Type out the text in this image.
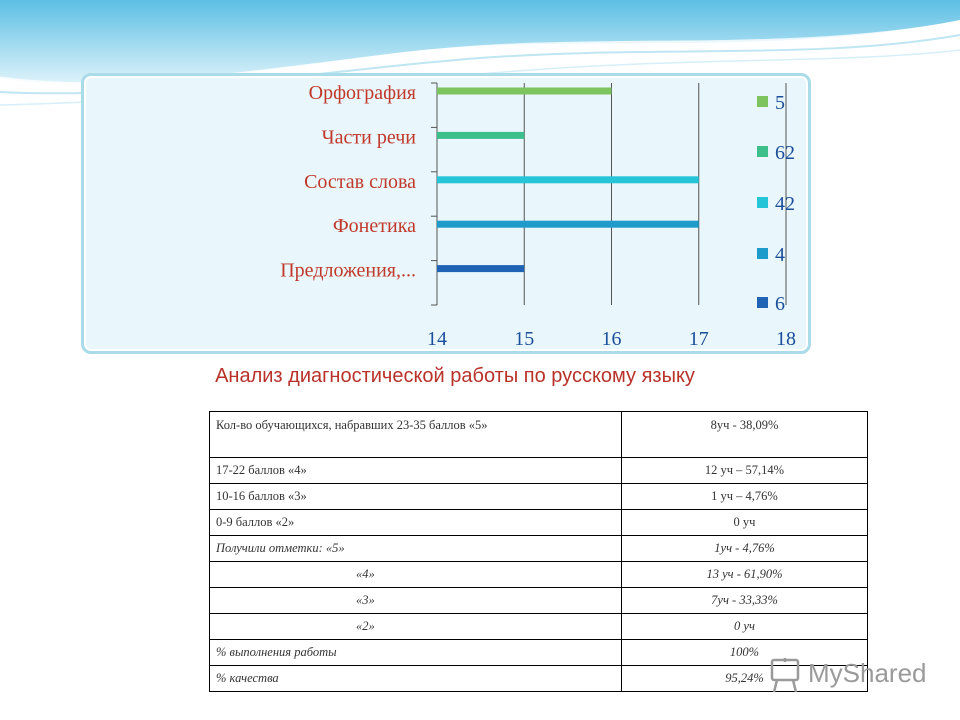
Орфография
Части речи
Состав слова
Фонетика
Предложения,...
14	15	16	17	18
5
62
42
4
6
Анализ диагностической работы по русскому языку
Кол-во обучающихся, набравших 23-35 баллов «5»	8уч - 38,09%
17-22 баллов «4»	12 уч – 57,14%
10-16 баллов «3»	1 уч – 4,76%
0-9 баллов «2»	0 уч
Получили отметки: «5»	1уч - 4,76%
«4»	13 уч - 61,90%
«3»	7уч - 33,33%
«2»	0 уч
% выполнения работы	100%
% качества	95,24% MyShared
